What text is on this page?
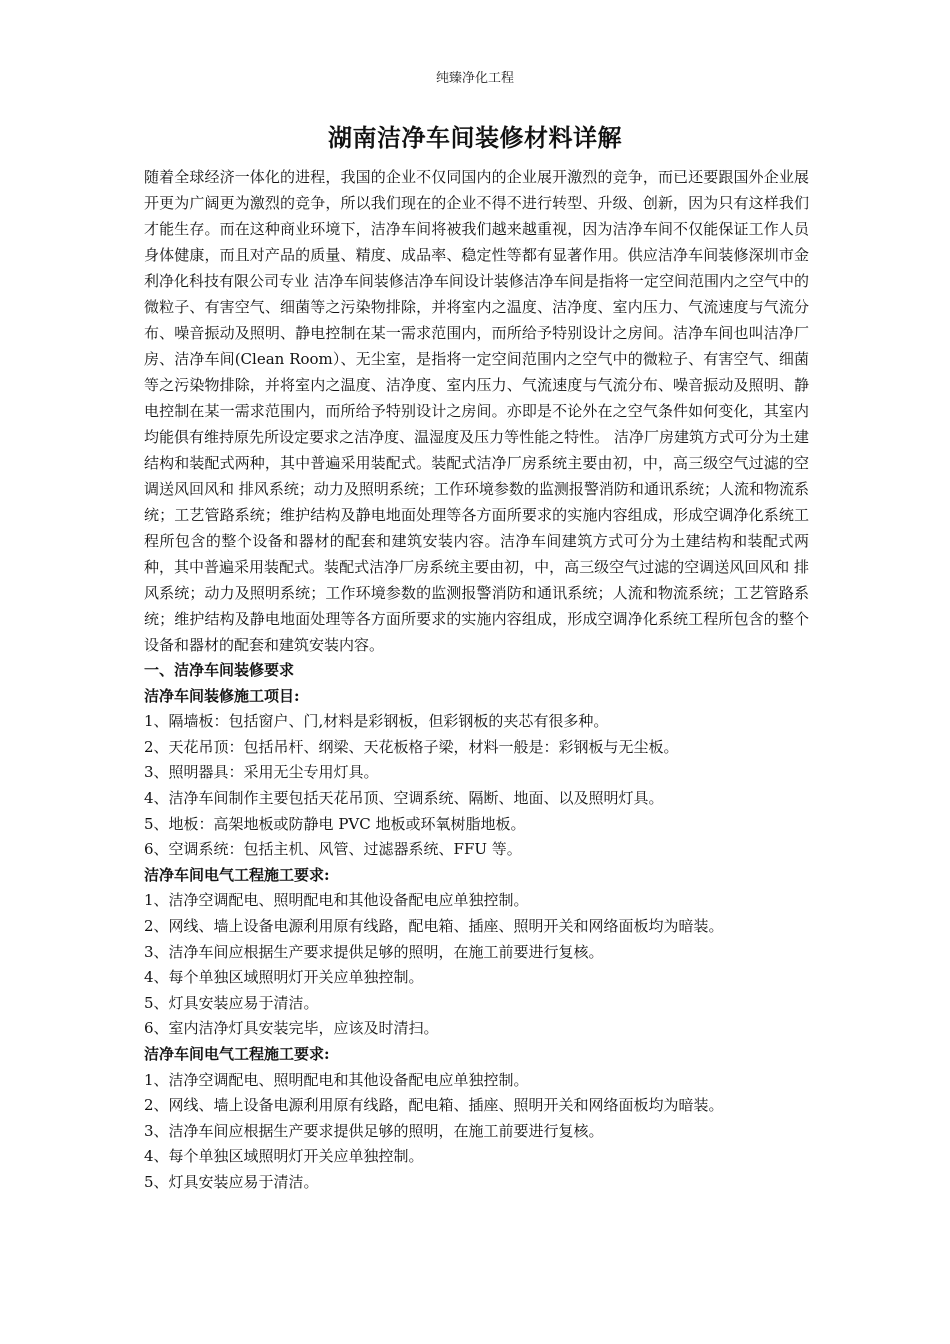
纯臻净化工程
湖南洁净车间装修材料详解

随着全球经济一体化的进程，我国的企业不仅同国内的企业展开激烈的竞争，而已还要跟国外企业展开更为广阔更为激烈的竞争，所以我们现在的企业不得不进行转型、升级、创新，因为只有这样我们才能生存。而在这种商业环境下，洁净车间将被我们越来越重视，因为洁净车间不仅能保证工作人员身体健康，而且对产品的质量、精度、成品率、稳定性等都有显著作用。供应洁净车间装修深圳市金利净化科技有限公司专业 洁净车间装修洁净车间设计装修洁净车间是指将一定空间范围内之空气中的微粒子、有害空气、细菌等之污染物排除，并将室内之温度、洁净度、室内压力、气流速度与气流分布、噪音振动及照明、静电控制在某一需求范围内，而所给予特别设计之房间。洁净车间也叫洁净厂房、洁净车间(Clean Room）、无尘室，是指将一定空间范围内之空气中的微粒子、有害空气、细菌等之污染物排除，并将室内之温度、洁净度、室内压力、气流速度与气流分布、噪音振动及照明、静电控制在某一需求范围内，而所给予特别设计之房间。亦即是不论外在之空气条件如何变化，其室内均能俱有维持原先所设定要求之洁净度、温湿度及压力等性能之特性。 洁净厂房建筑方式可分为土建结构和装配式两种，其中普遍采用装配式。装配式洁净厂房系统主要由初，中，高三级空气过滤的空调送风回风和 排风系统；动力及照明系统；工作环境参数的监测报警消防和通讯系统；人流和物流系统；工艺管路系统；维护结构及静电地面处理等各方面所要求的实施内容组成，形成空调净化系统工程所包含的整个设备和器材的配套和建筑安装内容。洁净车间建筑方式可分为土建结构和装配式两种，其中普遍采用装配式。装配式洁净厂房系统主要由初，中，高三级空气过滤的空调送风回风和 排风系统；动力及照明系统；工作环境参数的监测报警消防和通讯系统；人流和物流系统；工艺管路系统；维护结构及静电地面处理等各方面所要求的实施内容组成，形成空调净化系统工程所包含的整个设备和器材的配套和建筑安装内容。

一、洁净车间装修要求

洁净车间装修施工项目:

1、隔墙板：包括窗户、门,材料是彩钢板，但彩钢板的夹芯有很多种。

2、天花吊顶：包括吊杆、纲梁、天花板格子梁，材料一般是：彩钢板与无尘板。

3、照明器具：采用无尘专用灯具。

4、洁净车间制作主要包括天花吊顶、空调系统、隔断、地面、以及照明灯具。

5、地板：高架地板或防静电 PVC 地板或环氧树脂地板。

6、空调系统：包括主机、风管、过滤器系统、FFU 等。

洁净车间电气工程施工要求:

1、洁净空调配电、照明配电和其他设备配电应单独控制。

2、网线、墙上设备电源利用原有线路，配电箱、插座、照明开关和网络面板均为暗装。

3、洁净车间应根据生产要求提供足够的照明，在施工前要进行复核。

4、每个单独区域照明灯开关应单独控制。

5、灯具安装应易于清洁。

6、室内洁净灯具安装完毕，应该及时清扫。

洁净车间电气工程施工要求:

1、洁净空调配电、照明配电和其他设备配电应单独控制。

2、网线、墙上设备电源利用原有线路，配电箱、插座、照明开关和网络面板均为暗装。

3、洁净车间应根据生产要求提供足够的照明，在施工前要进行复核。

4、每个单独区域照明灯开关应单独控制。

5、灯具安装应易于清洁。
